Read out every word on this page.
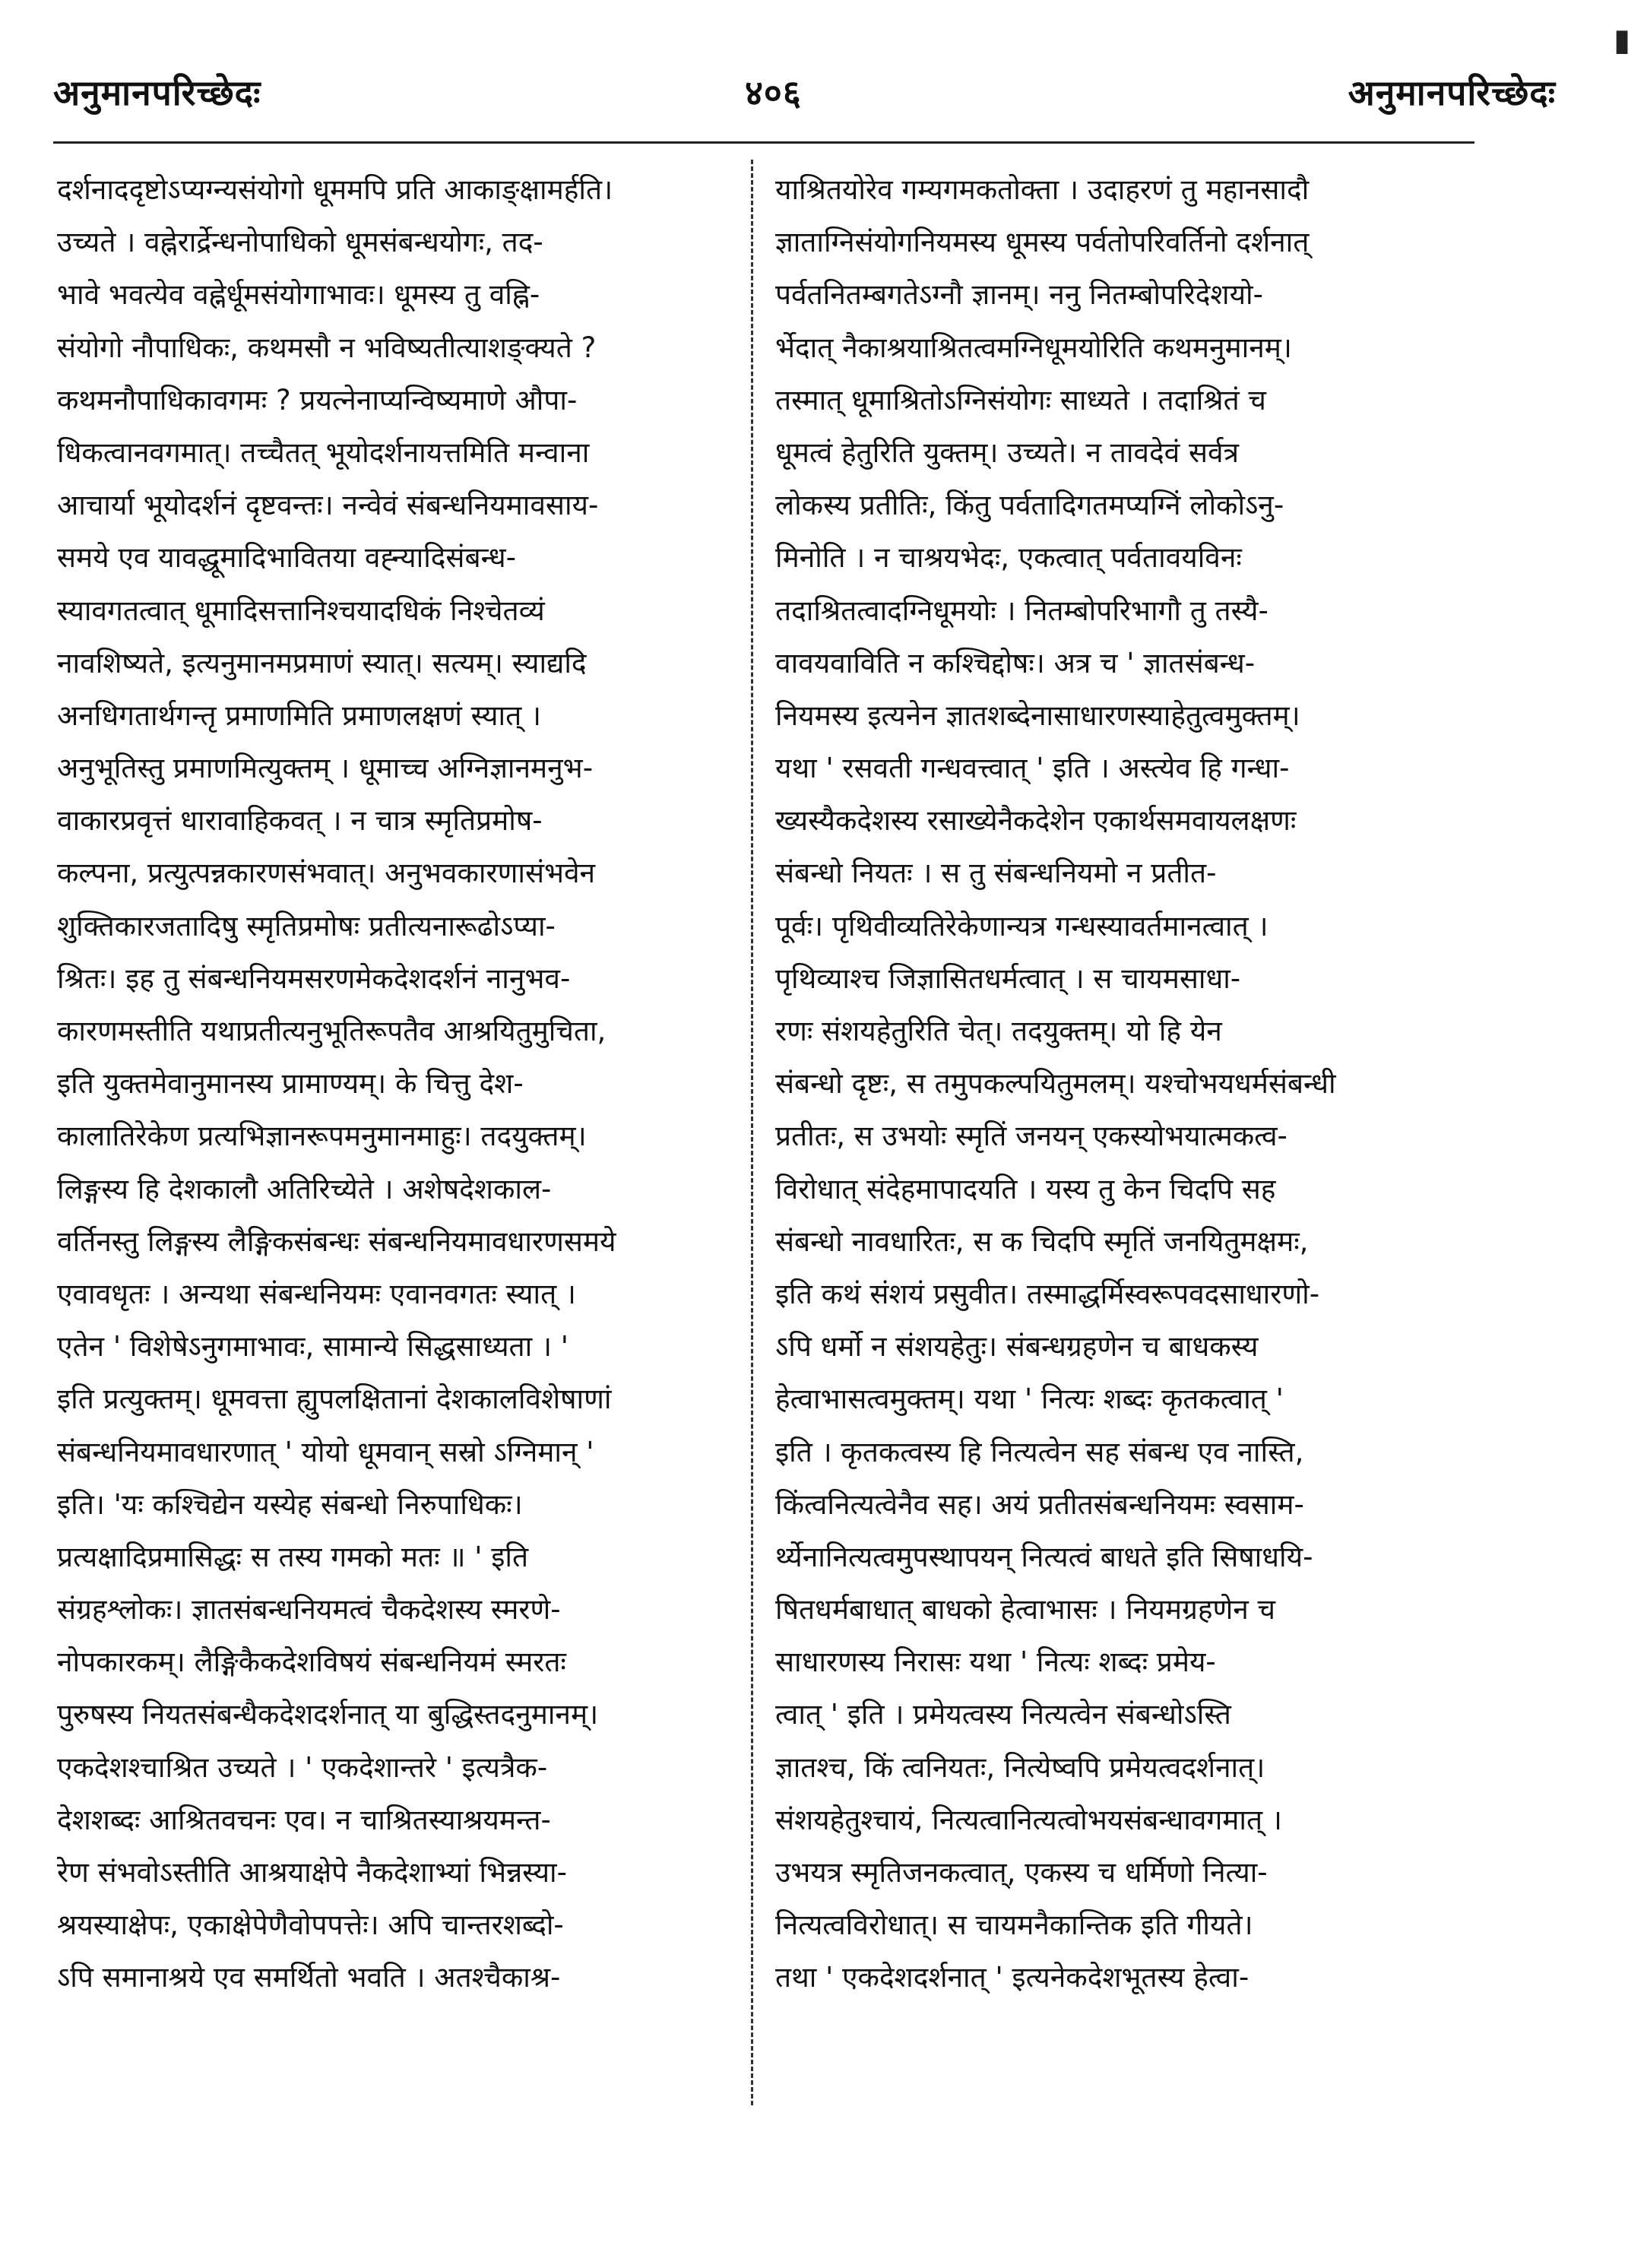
अनुमानपरिच्छेदः	४०६	अनुमानपरिच्छेदः
दर्शनाददृष्टोऽप्यग्न्यसंयोगो धूममपि प्रति आकाङ्क्षामर्हति।
उच्यते । वह्नेरार्द्रेन्धनोपाधिको धूमसंबन्धयोगः, तद-
भावे भवत्येव वह्नेर्धूमसंयोगाभावः। धूमस्य तु वह्नि-
संयोगो नौपाधिकः, कथमसौ न भविष्यतीत्याशङ्क्यते ?
कथमनौपाधिकावगमः ? प्रयत्नेनाप्यन्विष्यमाणे औपा-
धिकत्वानवगमात्। तच्चैतत् भूयोदर्शनायत्तमिति मन्वाना
आचार्या भूयोदर्शनं दृष्टवन्तः। नन्वेवं संबन्धनियमावसाय-
समये एव यावद्धूमादिभावितया वह्न्यादिसंबन्ध-
स्यावगतत्वात् धूमादिसत्तानिश्चयादधिकं निश्चेतव्यं
नावशिष्यते, इत्यनुमानमप्रमाणं स्यात्। सत्यम्। स्याद्यदि
अनधिगतार्थगन्तृ प्रमाणमिति प्रमाणलक्षणं स्यात् ।
अनुभूतिस्तु प्रमाणमित्युक्तम् । धूमाच्च अग्निज्ञानमनुभ-
वाकारप्रवृत्तं धारावाहिकवत् । न चात्र स्मृतिप्रमोष-
कल्पना, प्रत्युत्पन्नकारणसंभवात्। अनुभवकारणासंभवेन
शुक्तिकारजतादिषु स्मृतिप्रमोषः प्रतीत्यनारूढोऽप्या-
श्रितः। इह तु संबन्धनियमसरणमेकदेशदर्शनं नानुभव-
कारणमस्तीति यथाप्रतीत्यनुभूतिरूपतैव आश्रयितुमुचिता,
इति युक्तमेवानुमानस्य प्रामाण्यम्। के चित्तु देश-
कालातिरेकेण प्रत्यभिज्ञानरूपमनुमानमाहुः। तदयुक्तम्।
लिङ्गस्य हि देशकालौ अतिरिच्येते । अशेषदेशकाल-
वर्तिनस्तु लिङ्गस्य लैङ्गिकसंबन्धः संबन्धनियमावधारणसमये
एवावधृतः । अन्यथा संबन्धनियमः एवानवगतः स्यात् ।
एतेन ' विशेषेऽनुगमाभावः, सामान्ये सिद्धसाध्यता । '
इति प्रत्युक्तम्। धूमवत्ता ह्युपलक्षितानां देशकालविशेषाणां
संबन्धनियमावधारणात् ' योयो धूमवान् सस्रो ऽग्निमान् '
इति। 'यः कश्चिद्येन यस्येह संबन्धो निरुपाधिकः।
प्रत्यक्षादिप्रमासिद्धः स तस्य गमको मतः ॥ ' इति
संग्रहश्लोकः। ज्ञातसंबन्धनियमत्वं चैकदेशस्य स्मरणे-
नोपकारकम्। लैङ्गिकैकदेशविषयं संबन्धनियमं स्मरतः
पुरुषस्य नियतसंबन्धैकदेशदर्शनात् या बुद्धिस्तदनुमानम्।
एकदेशश्चाश्रित उच्यते । ' एकदेशान्तरे ' इत्यत्रैक-
देशशब्दः आश्रितवचनः एव। न चाश्रितस्याश्रयमन्त-
रेण संभवोऽस्तीति आश्रयाक्षेपे नैकदेशाभ्यां भिन्नस्या-
श्रयस्याक्षेपः, एकाक्षेपेणैवोपपत्तेः। अपि चान्तरशब्दो-
ऽपि समानाश्रये एव समर्थितो भवति । अतश्चैकाश्र-
याश्रितयोरेव गम्यगमकतोक्ता । उदाहरणं तु महानसादौ
ज्ञाताग्निसंयोगनियमस्य धूमस्य पर्वतोपरिवर्तिनो दर्शनात्
पर्वतनितम्बगतेऽग्नौ ज्ञानम्। ननु नितम्बोपरिदेशयो-
र्भेदात् नैकाश्रयाश्रितत्वमग्निधूमयोरिति कथमनुमानम्।
तस्मात् धूमाश्रितोऽग्निसंयोगः साध्यते । तदाश्रितं च
धूमत्वं हेतुरिति युक्तम्। उच्यते। न तावदेवं सर्वत्र
लोकस्य प्रतीतिः, किंतु पर्वतादिगतमप्यग्निं लोकोऽनु-
मिनोति । न चाश्रयभेदः, एकत्वात् पर्वतावयविनः
तदाश्रितत्वादग्निधूमयोः । नितम्बोपरिभागौ तु तस्यै-
वावयवाविति न कश्चिद्दोषः। अत्र च ' ज्ञातसंबन्ध-
नियमस्य इत्यनेन ज्ञातशब्देनासाधारणस्याहेतुत्वमुक्तम्।
यथा ' रसवती गन्धवत्त्वात् ' इति । अस्त्येव हि गन्धा-
ख्यस्यैकदेशस्य रसाख्येनैकदेशेन एकार्थसमवायलक्षणः
संबन्धो नियतः । स तु संबन्धनियमो न प्रतीत-
पूर्वः। पृथिवीव्यतिरेकेणान्यत्र गन्धस्यावर्तमानत्वात् ।
पृथिव्याश्च जिज्ञासितधर्मत्वात् । स चायमसाधा-
रणः संशयहेतुरिति चेत्। तदयुक्तम्। यो हि येन
संबन्धो दृष्टः, स तमुपकल्पयितुमलम्। यश्चोभयधर्मसंबन्धी
प्रतीतः, स उभयोः स्मृतिं जनयन् एकस्योभयात्मकत्व-
विरोधात् संदेहमापादयति । यस्य तु केन चिदपि सह
संबन्धो नावधारितः, स क चिदपि स्मृतिं जनयितुमक्षमः,
इति कथं संशयं प्रसुवीत। तस्माद्धर्मिस्वरूपवदसाधारणो-
ऽपि धर्मो न संशयहेतुः। संबन्धग्रहणेन च बाधकस्य
हेत्वाभासत्वमुक्तम्। यथा ' नित्यः शब्दः कृतकत्वात् '
इति । कृतकत्वस्य हि नित्यत्वेन सह संबन्ध एव नास्ति,
किंत्वनित्यत्वेनैव सह। अयं प्रतीतसंबन्धनियमः स्वसाम-
र्थ्येनानित्यत्वमुपस्थापयन् नित्यत्वं बाधते इति सिषाधयि-
षितधर्मबाधात् बाधको हेत्वाभासः । नियमग्रहणेन च
साधारणस्य निरासः यथा ' नित्यः शब्दः प्रमेय-
त्वात् ' इति । प्रमेयत्वस्य नित्यत्वेन संबन्धोऽस्ति
ज्ञातश्च, किं त्वनियतः, नित्येष्वपि प्रमेयत्वदर्शनात्।
संशयहेतुश्चायं, नित्यत्वानित्यत्वोभयसंबन्धावगमात् ।
उभयत्र स्मृतिजनकत्वात्, एकस्य च धर्मिणो नित्या-
नित्यत्वविरोधात्। स चायमनैकान्तिक इति गीयते।
तथा ' एकदेशदर्शनात् ' इत्यनेकदेशभूतस्य हेत्वा-
▮
